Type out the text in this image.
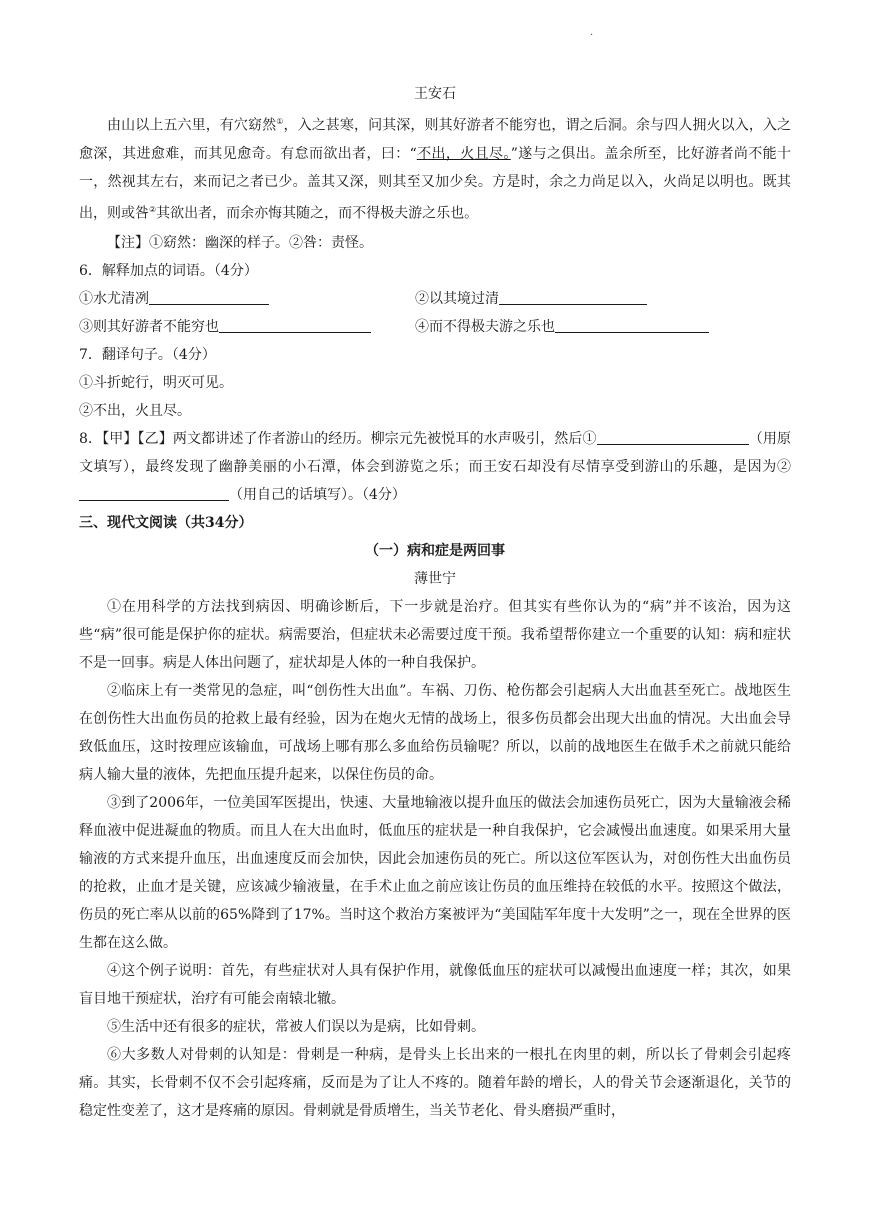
·
王安石

由山以上五六里，有穴窈然①，入之甚寒，问其深，则其好游者不能穷也，谓之后洞。余与四人拥火以入，入之愈深，其进愈难，而其见愈奇。有怠而欲出者，曰：“不出，火且尽。”遂与之俱出。盖余所至，比好游者尚不能十一，然视其左右，来而记之者已少。盖其又深，则其至又加少矣。方是时，余之力尚足以入，火尚足以明也。既其出，则或咎②其欲出者，而余亦悔其随之，而不得极夫游之乐也。

【注】①窈然：幽深的样子。②咎：责怪。

6．解释加点的词语。（4分）

①水尤清冽	②以其境过清
③则其好游者不能穷也	④而不得极夫游之乐也

7．翻译句子。（4分）

①斗折蛇行，明灭可见。

②不出，火且尽。

8．【甲】【乙】两文都讲述了作者游山的经历。柳宗元先被悦耳的水声吸引，然后①	（用原文填写），最终发现了幽静美丽的小石潭，体会到游览之乐；而王安石却没有尽情享受到游山的乐趣，是因为②（用自己的话填写）。（4分）

三、现代文阅读（共34分）

（一）病和症是两回事
薄世宁

①在用科学的方法找到病因、明确诊断后，下一步就是治疗。但其实有些你认为的“病”并不该治，因为这些“病”很可能是保护你的症状。病需要治，但症状未必需要过度干预。我希望帮你建立一个重要的认知：病和症状不是一回事。病是人体出问题了，症状却是人体的一种自我保护。

②临床上有一类常见的急症，叫“创伤性大出血”。车祸、刀伤、枪伤都会引起病人大出血甚至死亡。战地医生在创伤性大出血伤员的抢救上最有经验，因为在炮火无情的战场上，很多伤员都会出现大出血的情况。大出血会导致低血压，这时按理应该输血，可战场上哪有那么多血给伤员输呢？所以，以前的战地医生在做手术之前就只能给病人输大量的液体，先把血压提升起来，以保住伤员的命。

③到了2006年，一位美国军医提出，快速、大量地输液以提升血压的做法会加速伤员死亡，因为大量输液会稀释血液中促进凝血的物质。而且人在大出血时，低血压的症状是一种自我保护，它会减慢出血速度。如果采用大量输液的方式来提升血压，出血速度反而会加快，因此会加速伤员的死亡。所以这位军医认为，对创伤性大出血伤员的抢救，止血才是关键，应该减少输液量，在手术止血之前应该让伤员的血压维持在较低的水平。按照这个做法，伤员的死亡率从以前的65%降到了17%。当时这个救治方案被评为“美国陆军年度十大发明”之一，现在全世界的医生都在这么做。

④这个例子说明：首先，有些症状对人具有保护作用，就像低血压的症状可以减慢出血速度一样；其次，如果盲目地干预症状，治疗有可能会南辕北辙。

⑤生活中还有很多的症状，常被人们误以为是病，比如骨刺。

⑥大多数人对骨刺的认知是：骨刺是一种病，是骨头上长出来的一根扎在肉里的刺，所以长了骨刺会引起疼痛。其实，长骨刺不仅不会引起疼痛，反而是为了让人不疼的。随着年龄的增长，人的骨关节会逐渐退化，关节的稳定性变差了，这才是疼痛的原因。骨刺就是骨质增生，当关节老化、骨头磨损严重时，
